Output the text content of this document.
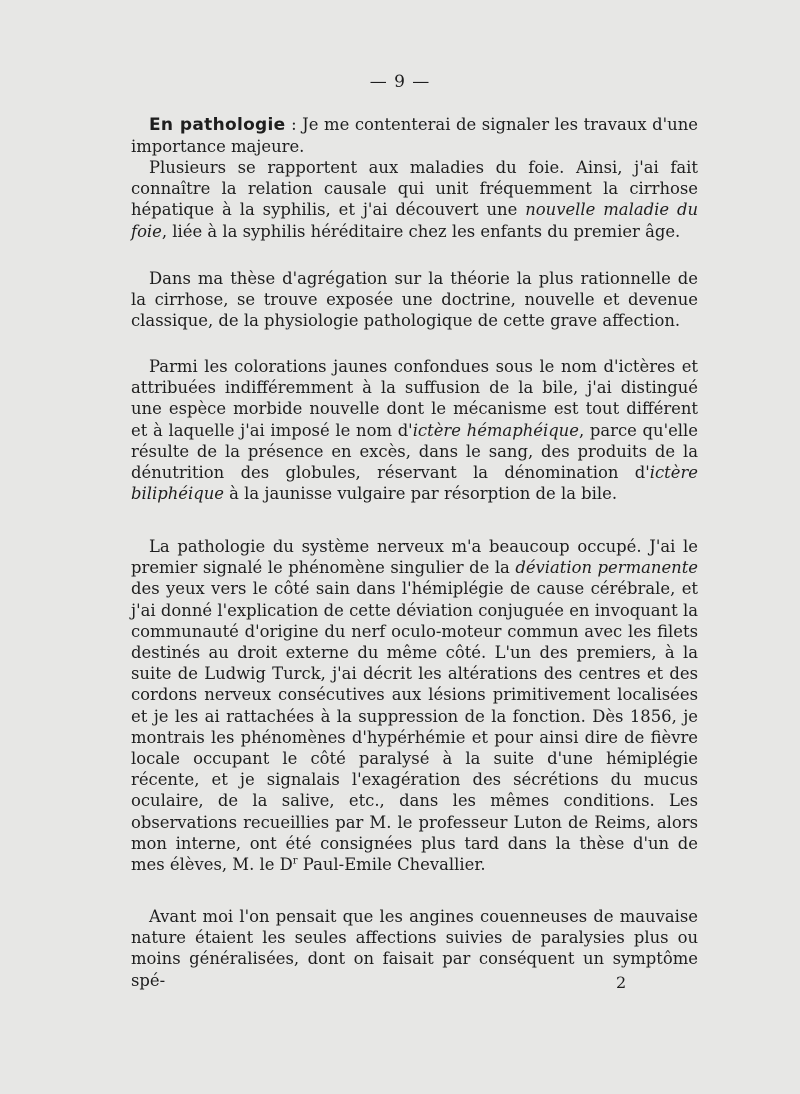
— 9 —

En pathologie : Je me contenterai de signaler les travaux d'une importance majeure.

Plusieurs se rapportent aux maladies du foie. Ainsi, j'ai fait connaître la relation causale qui unit fréquemment la cirrhose hépatique à la syphilis, et j'ai découvert une nouvelle maladie du foie, liée à la syphilis héréditaire chez les enfants du premier âge.

Dans ma thèse d'agrégation sur la théorie la plus rationnelle de la cirrhose, se trouve exposée une doctrine, nouvelle et devenue classique, de la physiologie pathologique de cette grave affection.

Parmi les colorations jaunes confondues sous le nom d'ictères et attribuées indifféremment à la suffusion de la bile, j'ai distingué une espèce morbide nouvelle dont le mécanisme est tout différent et à laquelle j'ai imposé le nom d'ictère hémaphéique, parce qu'elle résulte de la présence en excès, dans le sang, des produits de la dénutrition des globules, réservant la dénomination d'ictère biliphéique à la jaunisse vulgaire par résorption de la bile.

La pathologie du système nerveux m'a beaucoup occupé. J'ai le premier signalé le phénomène singulier de la déviation permanente des yeux vers le côté sain dans l'hémiplégie de cause cérébrale, et j'ai donné l'explication de cette déviation conjuguée en invoquant la communauté d'origine du nerf oculo-moteur commun avec les filets destinés au droit externe du même côté. L'un des premiers, à la suite de Ludwig Turck, j'ai décrit les altérations des centres et des cordons nerveux consécutives aux lésions primitivement localisées et je les ai rattachées à la suppression de la fonction. Dès 1856, je montrais les phénomènes d'hypérhémie et pour ainsi dire de fièvre locale occupant le côté paralysé à la suite d'une hémiplégie récente, et je signalais l'exagération des sécrétions du mucus oculaire, de la salive, etc., dans les mêmes conditions. Les observations recueillies par M. le professeur Luton de Reims, alors mon interne, ont été consignées plus tard dans la thèse d'un de mes élèves, M. le $D^r$ Paul-Emile Chevallier.

Avant moi l'on pensait que les angines couenneuses de mauvaise nature étaient les seules affections suivies de paralysies plus ou moins généralisées, dont on faisait par conséquent un symptôme spé-	2
